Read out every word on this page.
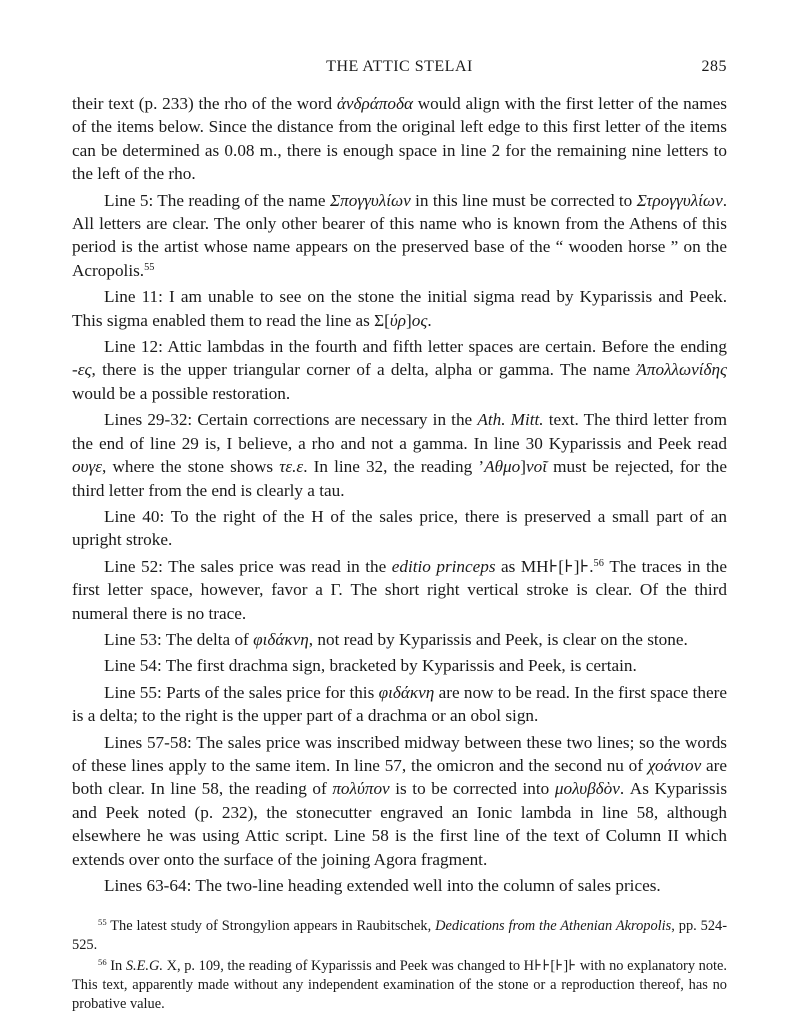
THE ATTIC STELAI	285

their text (p. 233) the rho of the word ἀνδράποδα would align with the first letter of the names of the items below. Since the distance from the original left edge to this first letter of the items can be determined as 0.08 m., there is enough space in line 2 for the remaining nine letters to the left of the rho.

Line 5: The reading of the name Σπογγυλίων in this line must be corrected to Στρογγυλίων. All letters are clear. The only other bearer of this name who is known from the Athens of this period is the artist whose name appears on the preserved base of the “ wooden horse ” on the Acropolis.$^{55}$

Line 11: I am unable to see on the stone the initial sigma read by Kyparissis and Peek. This sigma enabled them to read the line as Σ[ύρ]ος.

Line 12: Attic lambdas in the fourth and fifth letter spaces are certain. Before the ending -ες, there is the upper triangular corner of a delta, alpha or gamma. The name Ἀπολλωνίδης would be a possible restoration.

Lines 29-32: Certain corrections are necessary in the Ath. Mitt. text. The third letter from the end of line 29 is, I believe, a rho and not a gamma. In line 30 Kyparissis and Peek read ουγε, where the stone shows τε.ε. In line 32, the reading ’Αθμο]νοῖ must be rejected, for the third letter from the end is clearly a tau.

Line 40: To the right of the Η of the sales price, there is preserved a small part of an upright stroke.

Line 52: The sales price was read in the editio princeps as ΜΗ⊦[⊦]⊦.$^{56}$ The traces in the first letter space, however, favor a Γ. The short right vertical stroke is clear. Of the third numeral there is no trace.

Line 53: The delta of φιδάκνη, not read by Kyparissis and Peek, is clear on the stone.

Line 54: The first drachma sign, bracketed by Kyparissis and Peek, is certain.

Line 55: Parts of the sales price for this φιδάκνη are now to be read. In the first space there is a delta; to the right is the upper part of a drachma or an obol sign.

Lines 57-58: The sales price was inscribed midway between these two lines; so the words of these lines apply to the same item. In line 57, the omicron and the second nu of χοάνιον are both clear. In line 58, the reading of πολύπον is to be corrected into μολυβδὸν. As Kyparissis and Peek noted (p. 232), the stonecutter engraved an Ionic lambda in line 58, although elsewhere he was using Attic script. Line 58 is the first line of the text of Column II which extends over onto the surface of the joining Agora fragment.

Lines 63-64: The two-line heading extended well into the column of sales prices.

$^{55}$ The latest study of Strongylion appears in Raubitschek, Dedications from the Athenian Akropolis, pp. 524-525.

$^{56}$ In S.E.G. X, p. 109, the reading of Kyparissis and Peek was changed to Η⊦⊦[⊦]⊦ with no explanatory note. This text, apparently made without any independent examination of the stone or a reproduction thereof, has no probative value.
